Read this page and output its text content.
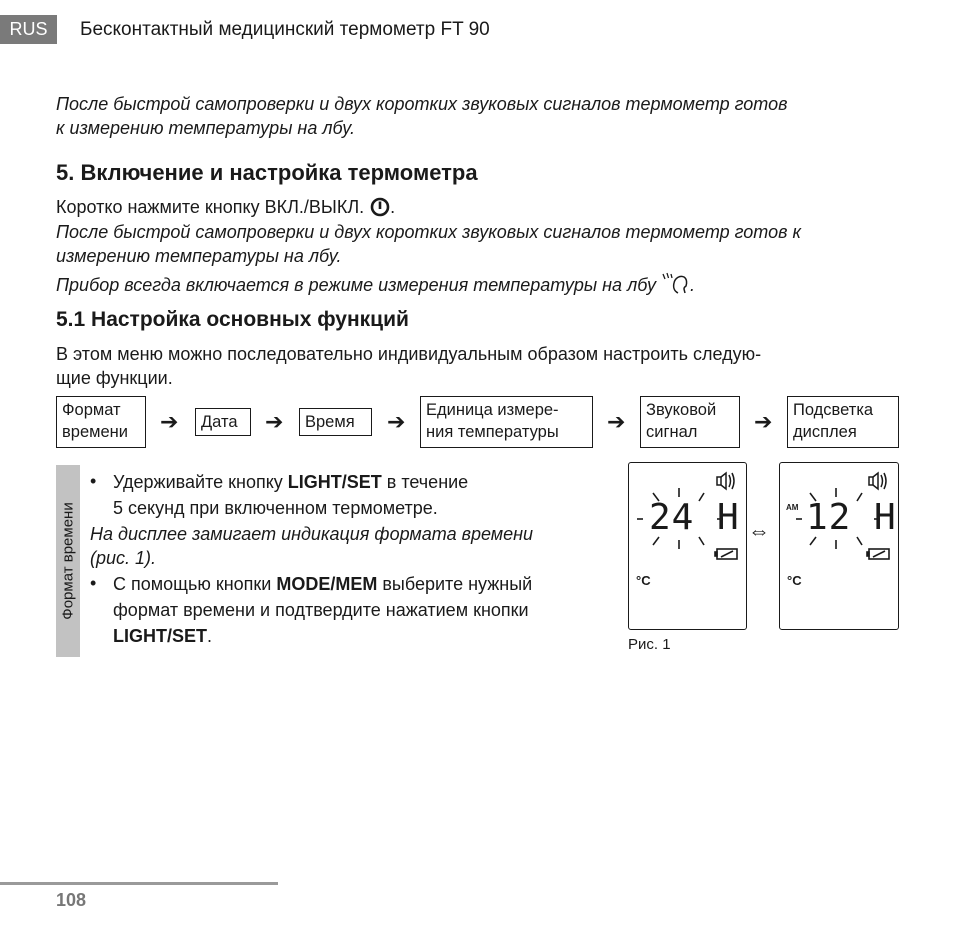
RUS	Бесконтактный медицинский термометр FT 90
После быстрой самопроверки и двух коротких звуковых сигналов термометр готов
к измерению температуры на лбу.
5. Включение и настройка термометра
Коротко нажмите кнопку ВКЛ./ВЫКЛ. .
После быстрой самопроверки и двух коротких звуковых сигналов термометр готов к
измерению температуры на лбу.
Прибор всегда включается в режиме измерения температуры на лбу .
5.1 Настройка основных функций
В этом меню можно последовательно индивидуальным образом настроить следую-
щие функции.
Формат
времени	➔ Дата	➔ Время	➔ Единица измере-
ния температуры	➔ Звуковой
сигнал	➔ Подсветка
дисплея
Формат времени
• Удерживайте кнопку LIGHT/SET в течение
5 секунд при включенном термометре.
На дисплее замигает индикация формата времени
(рис. 1).
• С помощью кнопки MODE/MEM выберите нужный
формат времени и подтвердите нажатием кнопки
LIGHT/SET.
24 H
°C
⇔
AM 12 H
°C
Рис. 1
108
